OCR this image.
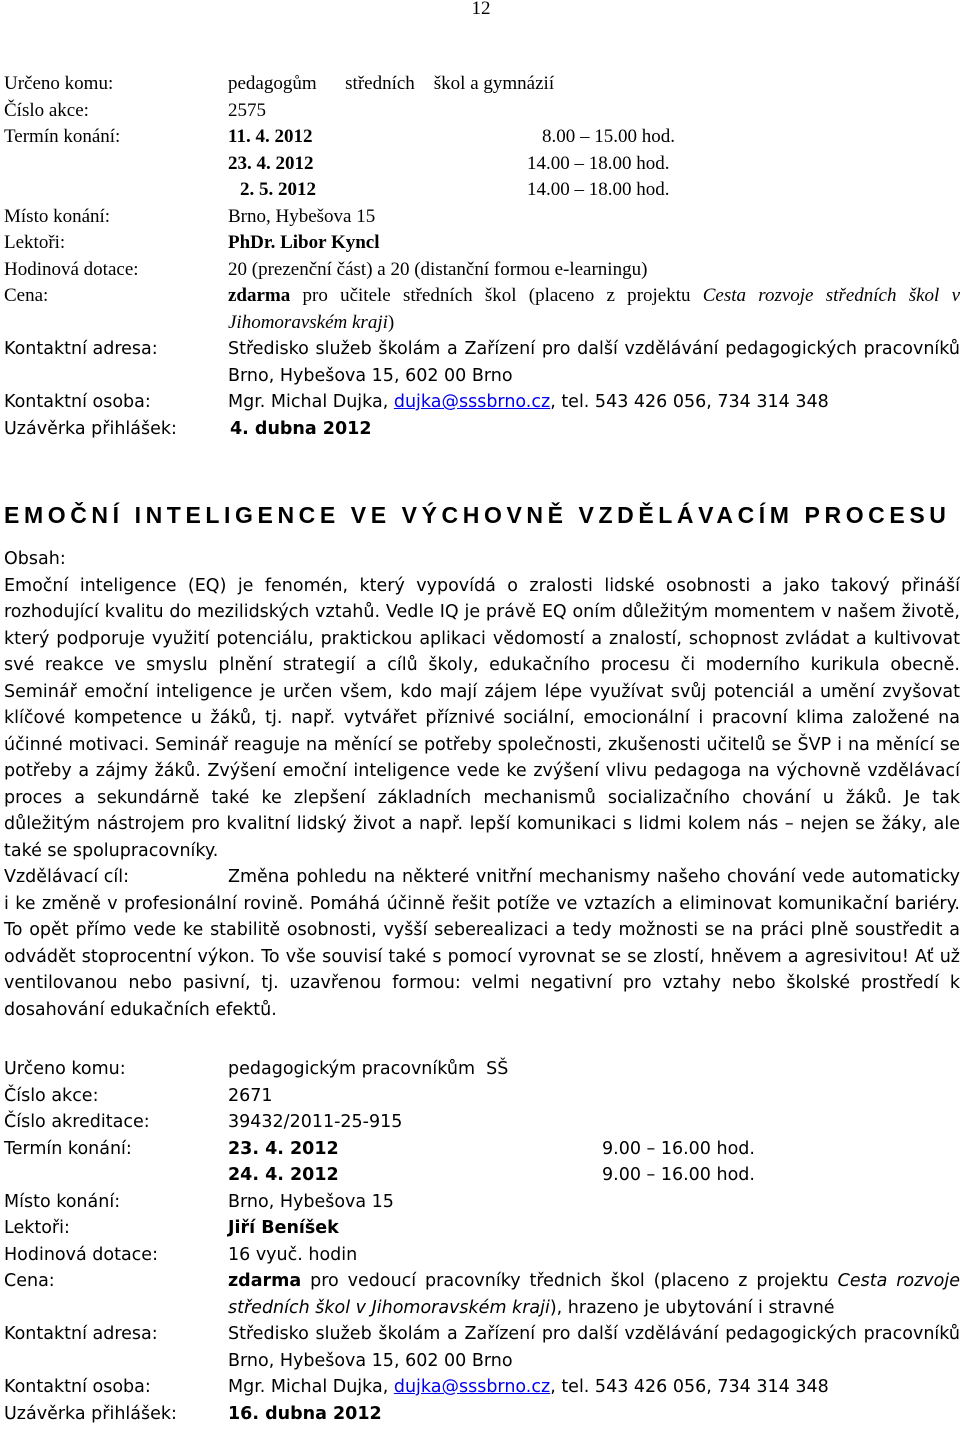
12
Určeno komu:	pedagogům      středních    škol a gymnázií
Číslo akce:	2575
Termín konání:	11. 4. 2012	8.00 – 15.00 hod.
23. 4. 2012	14.00 – 18.00 hod.
2. 5. 2012	14.00 – 18.00 hod.
Místo konání:	Brno, Hybešova 15
Lektoři:	PhDr. Libor Kyncl
Hodinová dotace:	20 (prezenční část) a 20 (distanční formou e-learningu)
Cena:	zdarma pro učitele středních škol (placeno z projektu Cesta rozvoje středních škol v Jihomoravském kraji)
Kontaktní adresa:	Středisko služeb školám a Zařízení pro další vzdělávání pedagogických pracovníků Brno, Hybešova 15, 602 00 Brno
Kontaktní osoba:	Mgr. Michal Dujka, dujka@sssbrno.cz, tel. 543 426 056, 734 314 348
Uzávěrka přihlášek:	4. dubna 2012
EMOČNÍ INTELIGENCE VE VÝCHOVNĚ VZDĚLÁVACÍM PROCESU
Obsah:
Emoční inteligence (EQ) je fenomén, který vypovídá o zralosti lidské osobnosti a jako takový přináší rozhodující kvalitu do mezilidských vztahů. Vedle IQ je právě EQ oním důležitým momentem v našem životě, který podporuje využití potenciálu, praktickou aplikaci vědomostí a znalostí, schopnost zvládat a kultivovat své reakce ve smyslu plnění strategií a cílů školy, edukačního procesu či moderního kurikula obecně. Seminář emoční inteligence je určen všem, kdo mají zájem lépe využívat svůj potenciál a umění zvyšovat klíčové kompetence u žáků, tj. např. vytvářet příznivé sociální, emocionální i pracovní klima založené na účinné motivaci. Seminář reaguje na měnící se potřeby společnosti, zkušenosti učitelů se ŠVP i na měnící se potřeby a zájmy žáků. Zvýšení emoční inteligence vede ke zvýšení vlivu pedagoga na výchovně vzdělávací proces a sekundárně také ke zlepšení základních mechanismů socializačního chování u žáků. Je tak důležitým nástrojem pro kvalitní lidský život a např. lepší komunikaci s lidmi kolem nás – nejen se žáky, ale také se spolupracovníky.
Vzdělávací cíl:	Změna pohledu na některé vnitřní mechanismy našeho chování vede automaticky i ke změně v profesionální rovině. Pomáhá účinně řešit potíže ve vztazích a eliminovat komunikační bariéry. To opět přímo vede ke stabilitě osobnosti, vyšší seberealizaci a tedy možnosti se na práci plně soustředit a odvádět stoprocentní výkon. To vše souvisí také s pomocí vyrovnat se se zlostí, hněvem a agresivitou! Ať už ventilovanou nebo pasivní, tj. uzavřenou formou: velmi negativní pro vztahy nebo školské prostředí k dosahování edukačních efektů.
Určeno komu:	pedagogickým pracovníkům  SŠ
Číslo akce:	2671
Číslo akreditace:	39432/2011-25-915
Termín konání:	23. 4. 2012	9.00 – 16.00 hod.
24. 4. 2012	9.00 – 16.00 hod.
Místo konání:	Brno, Hybešova 15
Lektoři:	Jiří Beníšek
Hodinová dotace:	16 vyuč. hodin
Cena:	zdarma pro vedoucí pracovníky třednich škol (placeno z projektu Cesta rozvoje středních škol v Jihomoravském kraji), hrazeno je ubytování i stravné
Kontaktní adresa:	Středisko služeb školám a Zařízení pro další vzdělávání pedagogických pracovníků Brno, Hybešova 15, 602 00 Brno
Kontaktní osoba:	Mgr. Michal Dujka, dujka@sssbrno.cz, tel. 543 426 056, 734 314 348
Uzávěrka přihlášek:	16. dubna 2012
